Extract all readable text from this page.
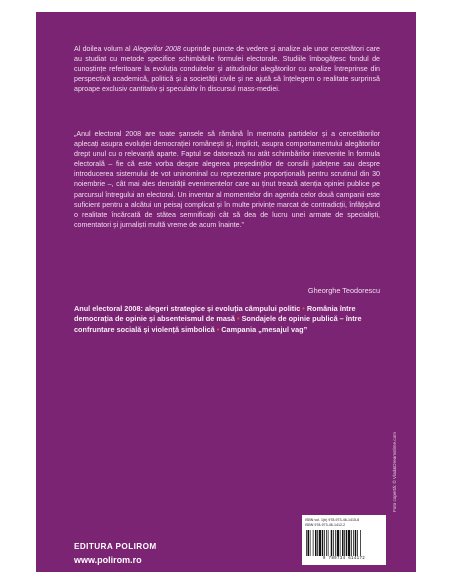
Al doilea volum al Alegerilor 2008 cuprinde puncte de vedere și analize ale unor cercetători care au studiat cu metode specifice schimbările formulei electorale. Studiile îmbogățesc fondul de cunoștințe referitoare la evoluția conduitelor și atitudinilor alegătorilor cu analize întreprinse din perspectivă academică, politică și a societății civile și ne ajută să înțelegem o realitate surprinsă aproape exclusiv cantitativ și speculativ în discursul mass-mediei.

„Anul electoral 2008 are toate șansele să rămână în memoria partidelor și a cercetătorilor aplecați asupra evoluției democrației românești și, implicit, asupra comportamentului alegătorilor drept unul cu o relevanță aparte. Faptul se datorează nu atât schimbărilor intervenite în formula electorală – fie că este vorba despre alegerea președinților de consilii județene sau despre introducerea sistemului de vot uninominal cu reprezentare proporțională pentru scrutinul din 30 noiembrie –, cât mai ales densității evenimentelor care au ținut trează atenția opiniei publice pe parcursul întregului an electoral. Un inventar al momentelor din agenda celor două campanii este suficient pentru a alcătui un peisaj complicat și în multe privințe marcat de contradicții, înfățișând o realitate încărcată de stătea semnificații cât să dea de lucru unei armate de specialiști, comentatori și jurnaliști multă vreme de acum înainte.”

Gheorghe Teodorescu

Anul electoral 2008: alegeri strategice și evoluția câmpului politic • România între democrația de opinie și absenteismul de masă • Sondajele de opinie publică – între confruntare socială și violență simbolică • Campania „mesajul vag”

Foto copertă: © Vlad&Dreamstime.com
EDITURA POLIROM
www.polirom.ro
ISBN vol. 1(b) 978-973-46-1415-8
ISBN 978-973-46-1412-2
9 789734 614172
